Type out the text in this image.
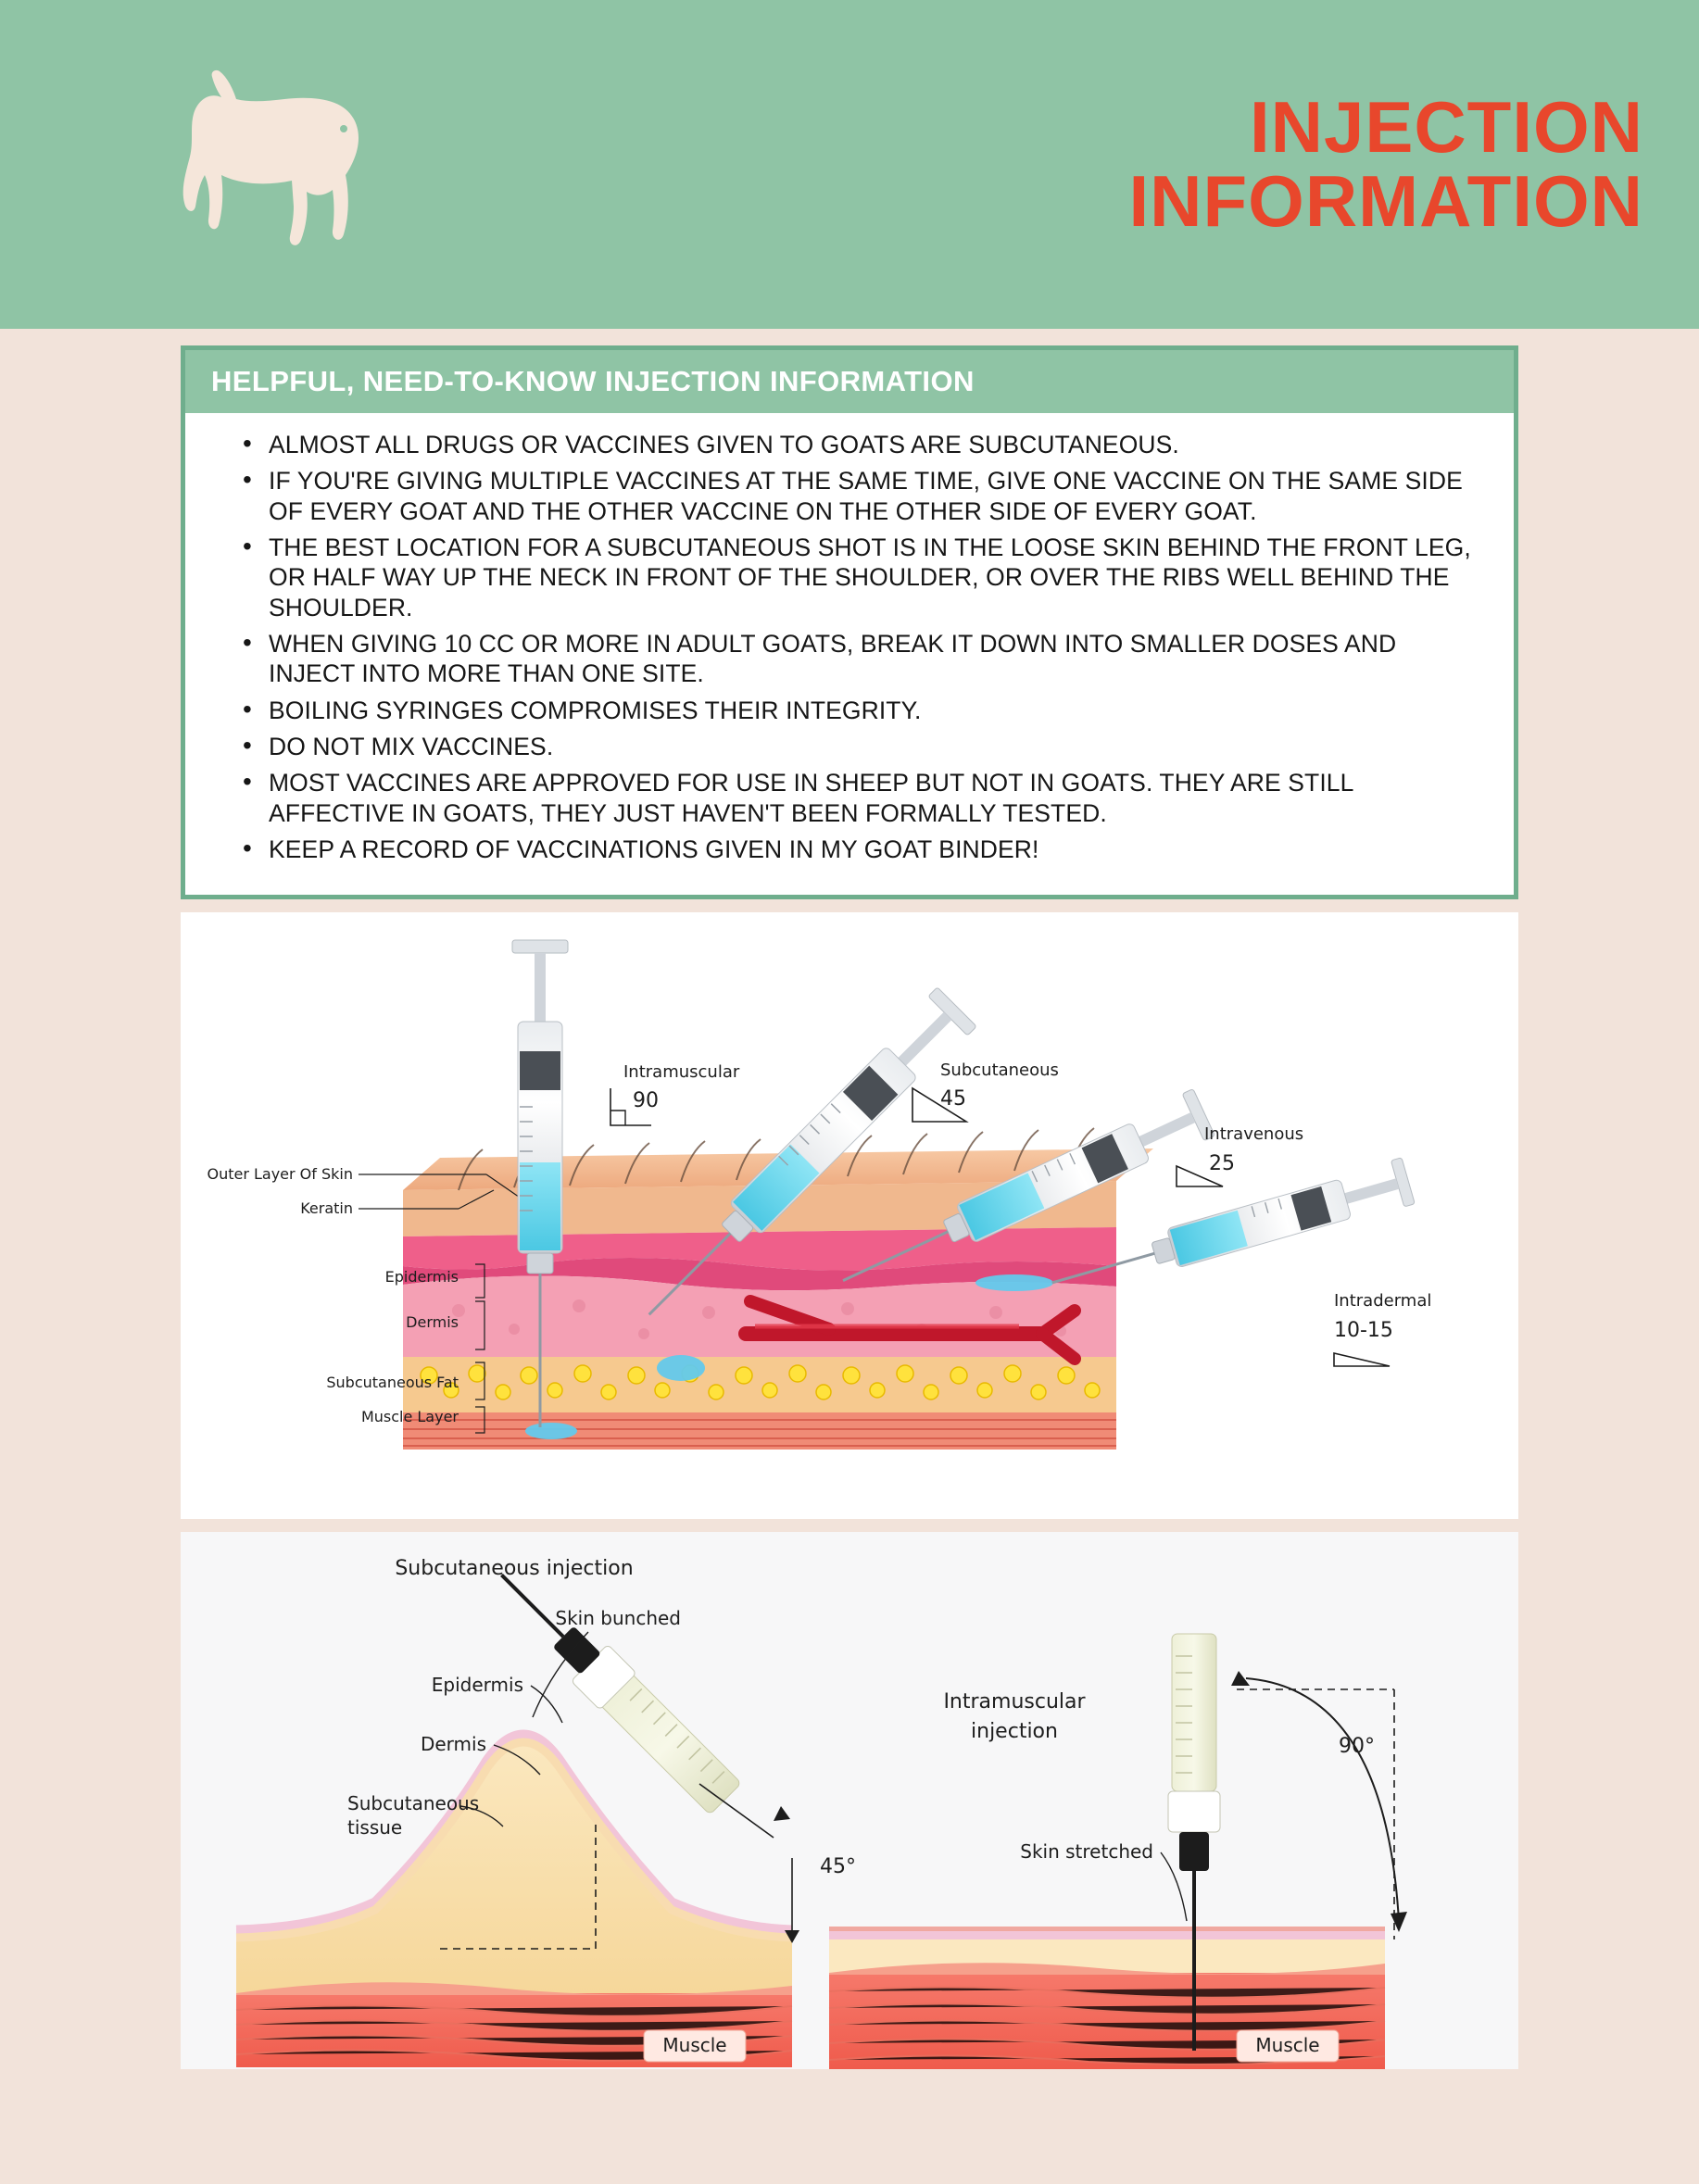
INJECTION
INFORMATION
HELPFUL, NEED-TO-KNOW INJECTION INFORMATION
• ALMOST ALL DRUGS OR VACCINES GIVEN TO GOATS ARE SUBCUTANEOUS.
• IF YOU'RE GIVING MULTIPLE VACCINES AT THE SAME TIME, GIVE ONE VACCINE ON THE SAME SIDE OF EVERY GOAT AND THE OTHER VACCINE ON THE OTHER SIDE OF EVERY GOAT.
• THE BEST LOCATION FOR A SUBCUTANEOUS SHOT IS IN THE LOOSE SKIN BEHIND THE FRONT LEG, OR HALF WAY UP THE NECK IN FRONT OF THE SHOULDER, OR OVER THE RIBS WELL BEHIND THE SHOULDER.
• WHEN GIVING 10 CC OR MORE IN ADULT GOATS, BREAK IT DOWN INTO SMALLER DOSES AND INJECT INTO MORE THAN ONE SITE.
• BOILING SYRINGES COMPROMISES THEIR INTEGRITY.
• DO NOT MIX VACCINES.
• MOST VACCINES ARE APPROVED FOR USE IN SHEEP BUT NOT IN GOATS. THEY ARE STILL AFFECTIVE IN GOATS, THEY JUST HAVEN'T BEEN FORMALLY TESTED.
• KEEP A RECORD OF VACCINATIONS GIVEN IN MY GOAT BINDER!
Outer Layer Of Skin
Keratin
Epidermis
Dermis
Subcutaneous Fat
Muscle Layer
Intramuscular
90
Subcutaneous
45
Intravenous
25
Intradermal
10-15
Subcutaneous injection
Muscle
45°
Skin bunched
Epidermis
Dermis
Subcutaneous
tissue
Muscle
90°
Intramuscular
injection
Skin stretched
